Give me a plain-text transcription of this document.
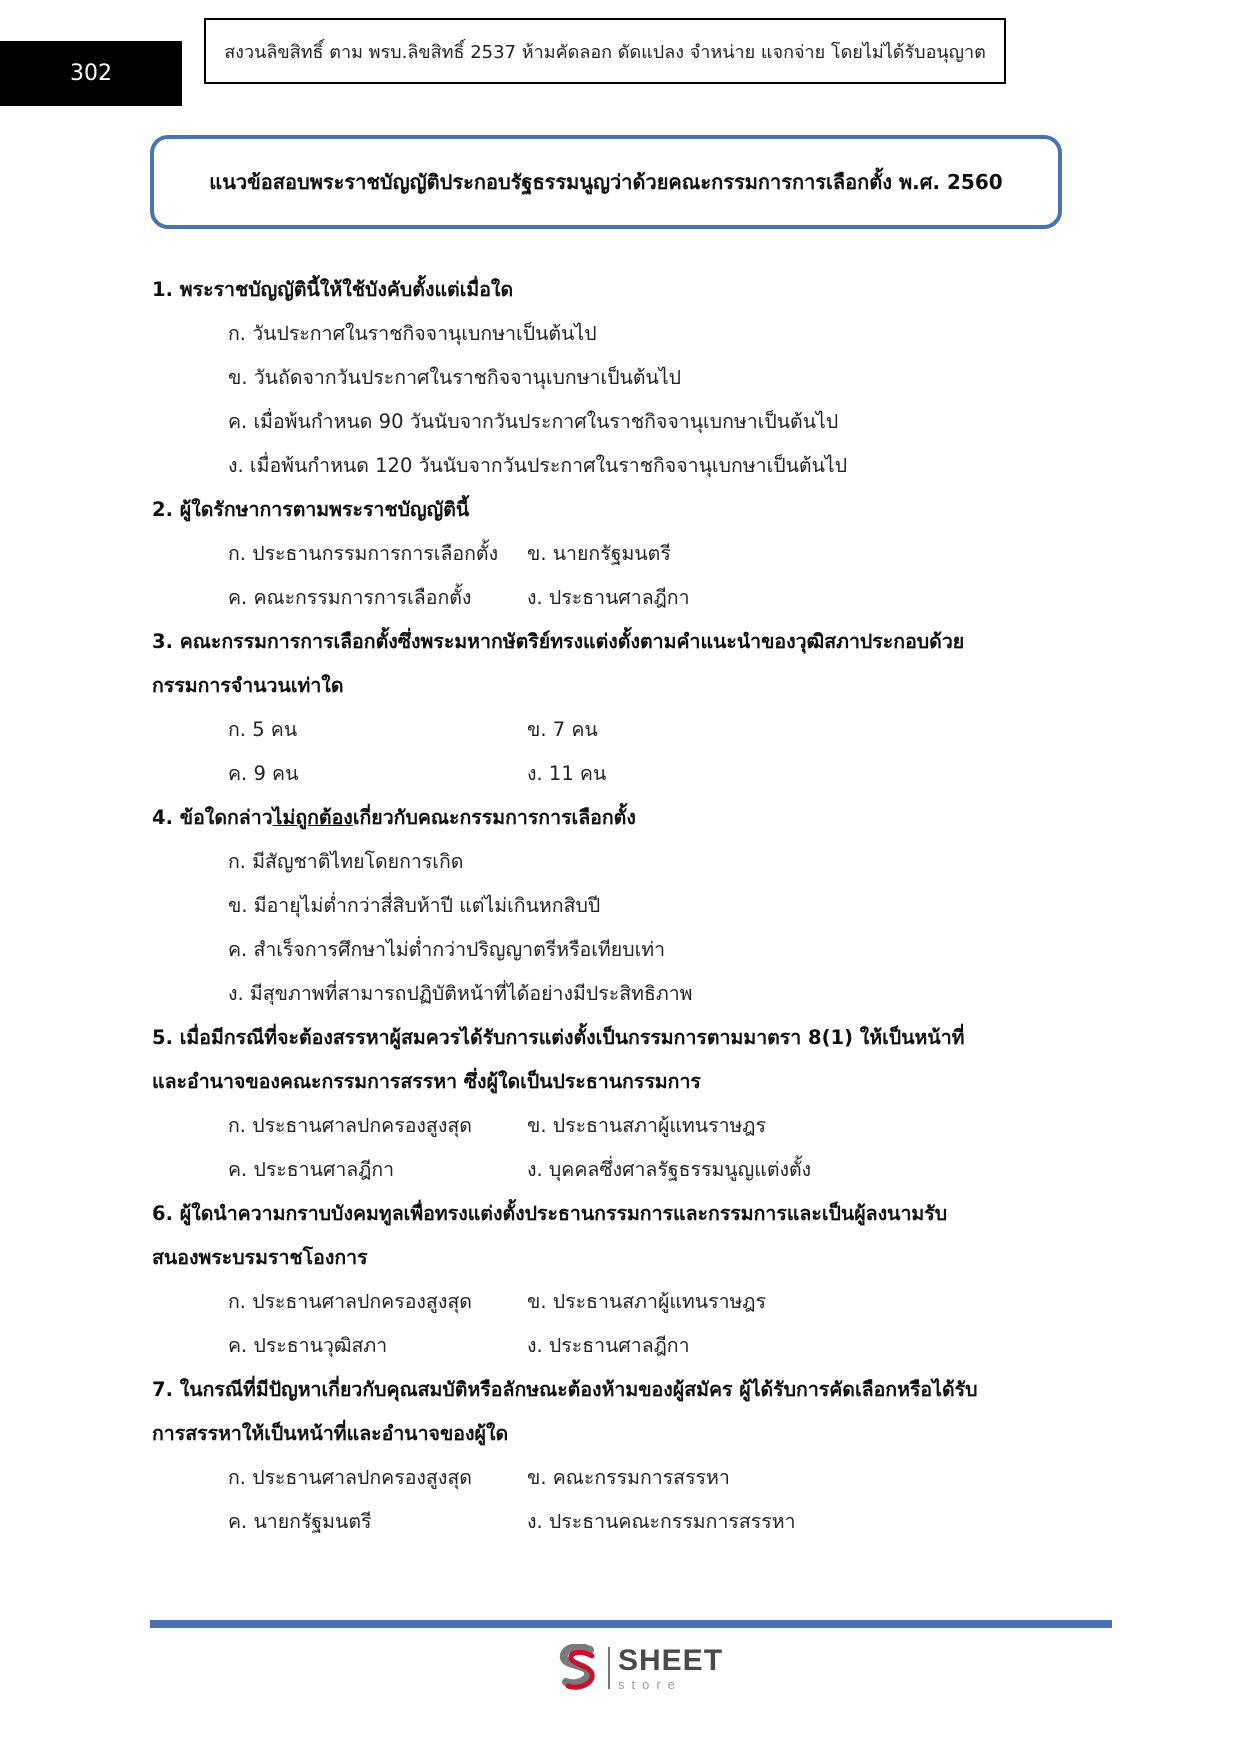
302
สงวนลิขสิทธิ์ ตาม พรบ.ลิขสิทธิ์ 2537 ห้ามคัดลอก ดัดแปลง จำหน่าย แจกจ่าย โดยไม่ได้รับอนุญาต
แนวข้อสอบพระราชบัญญัติประกอบรัฐธรรมนูญว่าด้วยคณะกรรมการการเลือกตั้ง พ.ศ. 2560
1. พระราชบัญญัตินี้ให้ใช้บังคับตั้งแต่เมื่อใด
ก. วันประกาศในราชกิจจานุเบกษาเป็นต้นไป
ข. วันถัดจากวันประกาศในราชกิจจานุเบกษาเป็นต้นไป
ค. เมื่อพ้นกำหนด 90 วันนับจากวันประกาศในราชกิจจานุเบกษาเป็นต้นไป
ง. เมื่อพ้นกำหนด 120 วันนับจากวันประกาศในราชกิจจานุเบกษาเป็นต้นไป
2. ผู้ใดรักษาการตามพระราชบัญญัตินี้
ก. ประธานกรรมการการเลือกตั้ง	ข. นายกรัฐมนตรี
ค. คณะกรรมการการเลือกตั้ง	ง. ประธานศาลฎีกา
3. คณะกรรมการการเลือกตั้งซึ่งพระมหากษัตริย์ทรงแต่งตั้งตามคำแนะนำของวุฒิสภาประกอบด้วย
กรรมการจำนวนเท่าใด
ก. 5 คน	ข. 7 คน
ค. 9 คน	ง. 11 คน
4. ข้อใดกล่าวไม่ถูกต้องเกี่ยวกับคณะกรรมการการเลือกตั้ง
ก. มีสัญชาติไทยโดยการเกิด
ข. มีอายุไม่ต่ำกว่าสี่สิบห้าปี แต่ไม่เกินหกสิบปี
ค. สำเร็จการศึกษาไม่ต่ำกว่าปริญญาตรีหรือเทียบเท่า
ง. มีสุขภาพที่สามารถปฏิบัติหน้าที่ได้อย่างมีประสิทธิภาพ
5. เมื่อมีกรณีที่จะต้องสรรหาผู้สมควรได้รับการแต่งตั้งเป็นกรรมการตามมาตรา 8(1) ให้เป็นหน้าที่
และอำนาจของคณะกรรมการสรรหา ซึ่งผู้ใดเป็นประธานกรรมการ
ก. ประธานศาลปกครองสูงสุด	ข. ประธานสภาผู้แทนราษฎร
ค. ประธานศาลฎีกา	ง. บุคคลซึ่งศาลรัฐธรรมนูญแต่งตั้ง
6. ผู้ใดนำความกราบบังคมทูลเพื่อทรงแต่งตั้งประธานกรรมการและกรรมการและเป็นผู้ลงนามรับ
สนองพระบรมราชโองการ
ก. ประธานศาลปกครองสูงสุด	ข. ประธานสภาผู้แทนราษฎร
ค. ประธานวุฒิสภา	ง. ประธานศาลฎีกา
7. ในกรณีที่มีปัญหาเกี่ยวกับคุณสมบัติหรือลักษณะต้องห้ามของผู้สมัคร ผู้ได้รับการคัดเลือกหรือได้รับ
การสรรหาให้เป็นหน้าที่และอำนาจของผู้ใด
ก. ประธานศาลปกครองสูงสุด	ข. คณะกรรมการสรรหา
ค. นายกรัฐมนตรี	ง. ประธานคณะกรรมการสรรหา
SHEET
store
